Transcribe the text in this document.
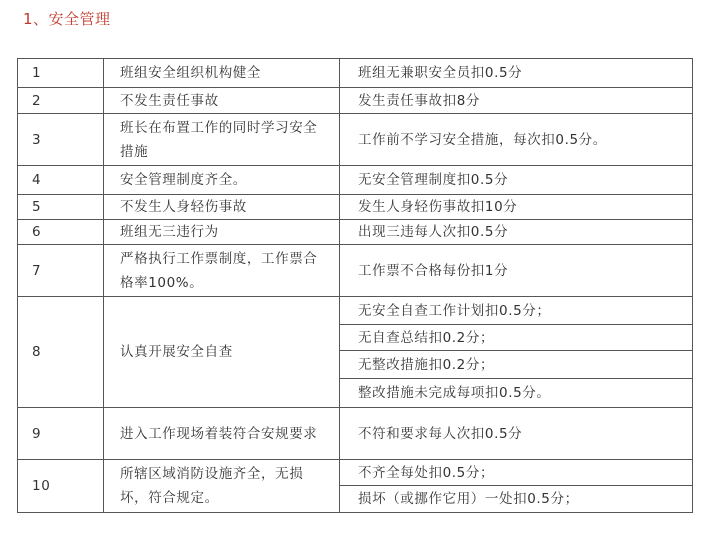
1、安全管理
1	班组安全组织机构健全	班组无兼职安全员扣0.5分
2	不发生责任事故	发生责任事故扣8分
3	班长在布置工作的同时学习安全措施	工作前不学习安全措施，每次扣0.5分。
4	安全管理制度齐全。	无安全管理制度扣0.5分
5	不发生人身轻伤事故	发生人身轻伤事故扣10分
6	班组无三违行为	出现三违每人次扣0.5分
7	严格执行工作票制度，工作票合格率100%。	工作票不合格每份扣1分
8	认真开展安全自查	无安全自查工作计划扣0.5分；
		无自查总结扣0.2分；
		无整改措施扣0.2分；
		整改措施未完成每项扣0.5分。
9	进入工作现场着装符合安规要求	不符和要求每人次扣0.5分
10	所辖区域消防设施齐全，无损坏，符合规定。	不齐全每处扣0.5分；
		损坏（或挪作它用）一处扣0.5分；
